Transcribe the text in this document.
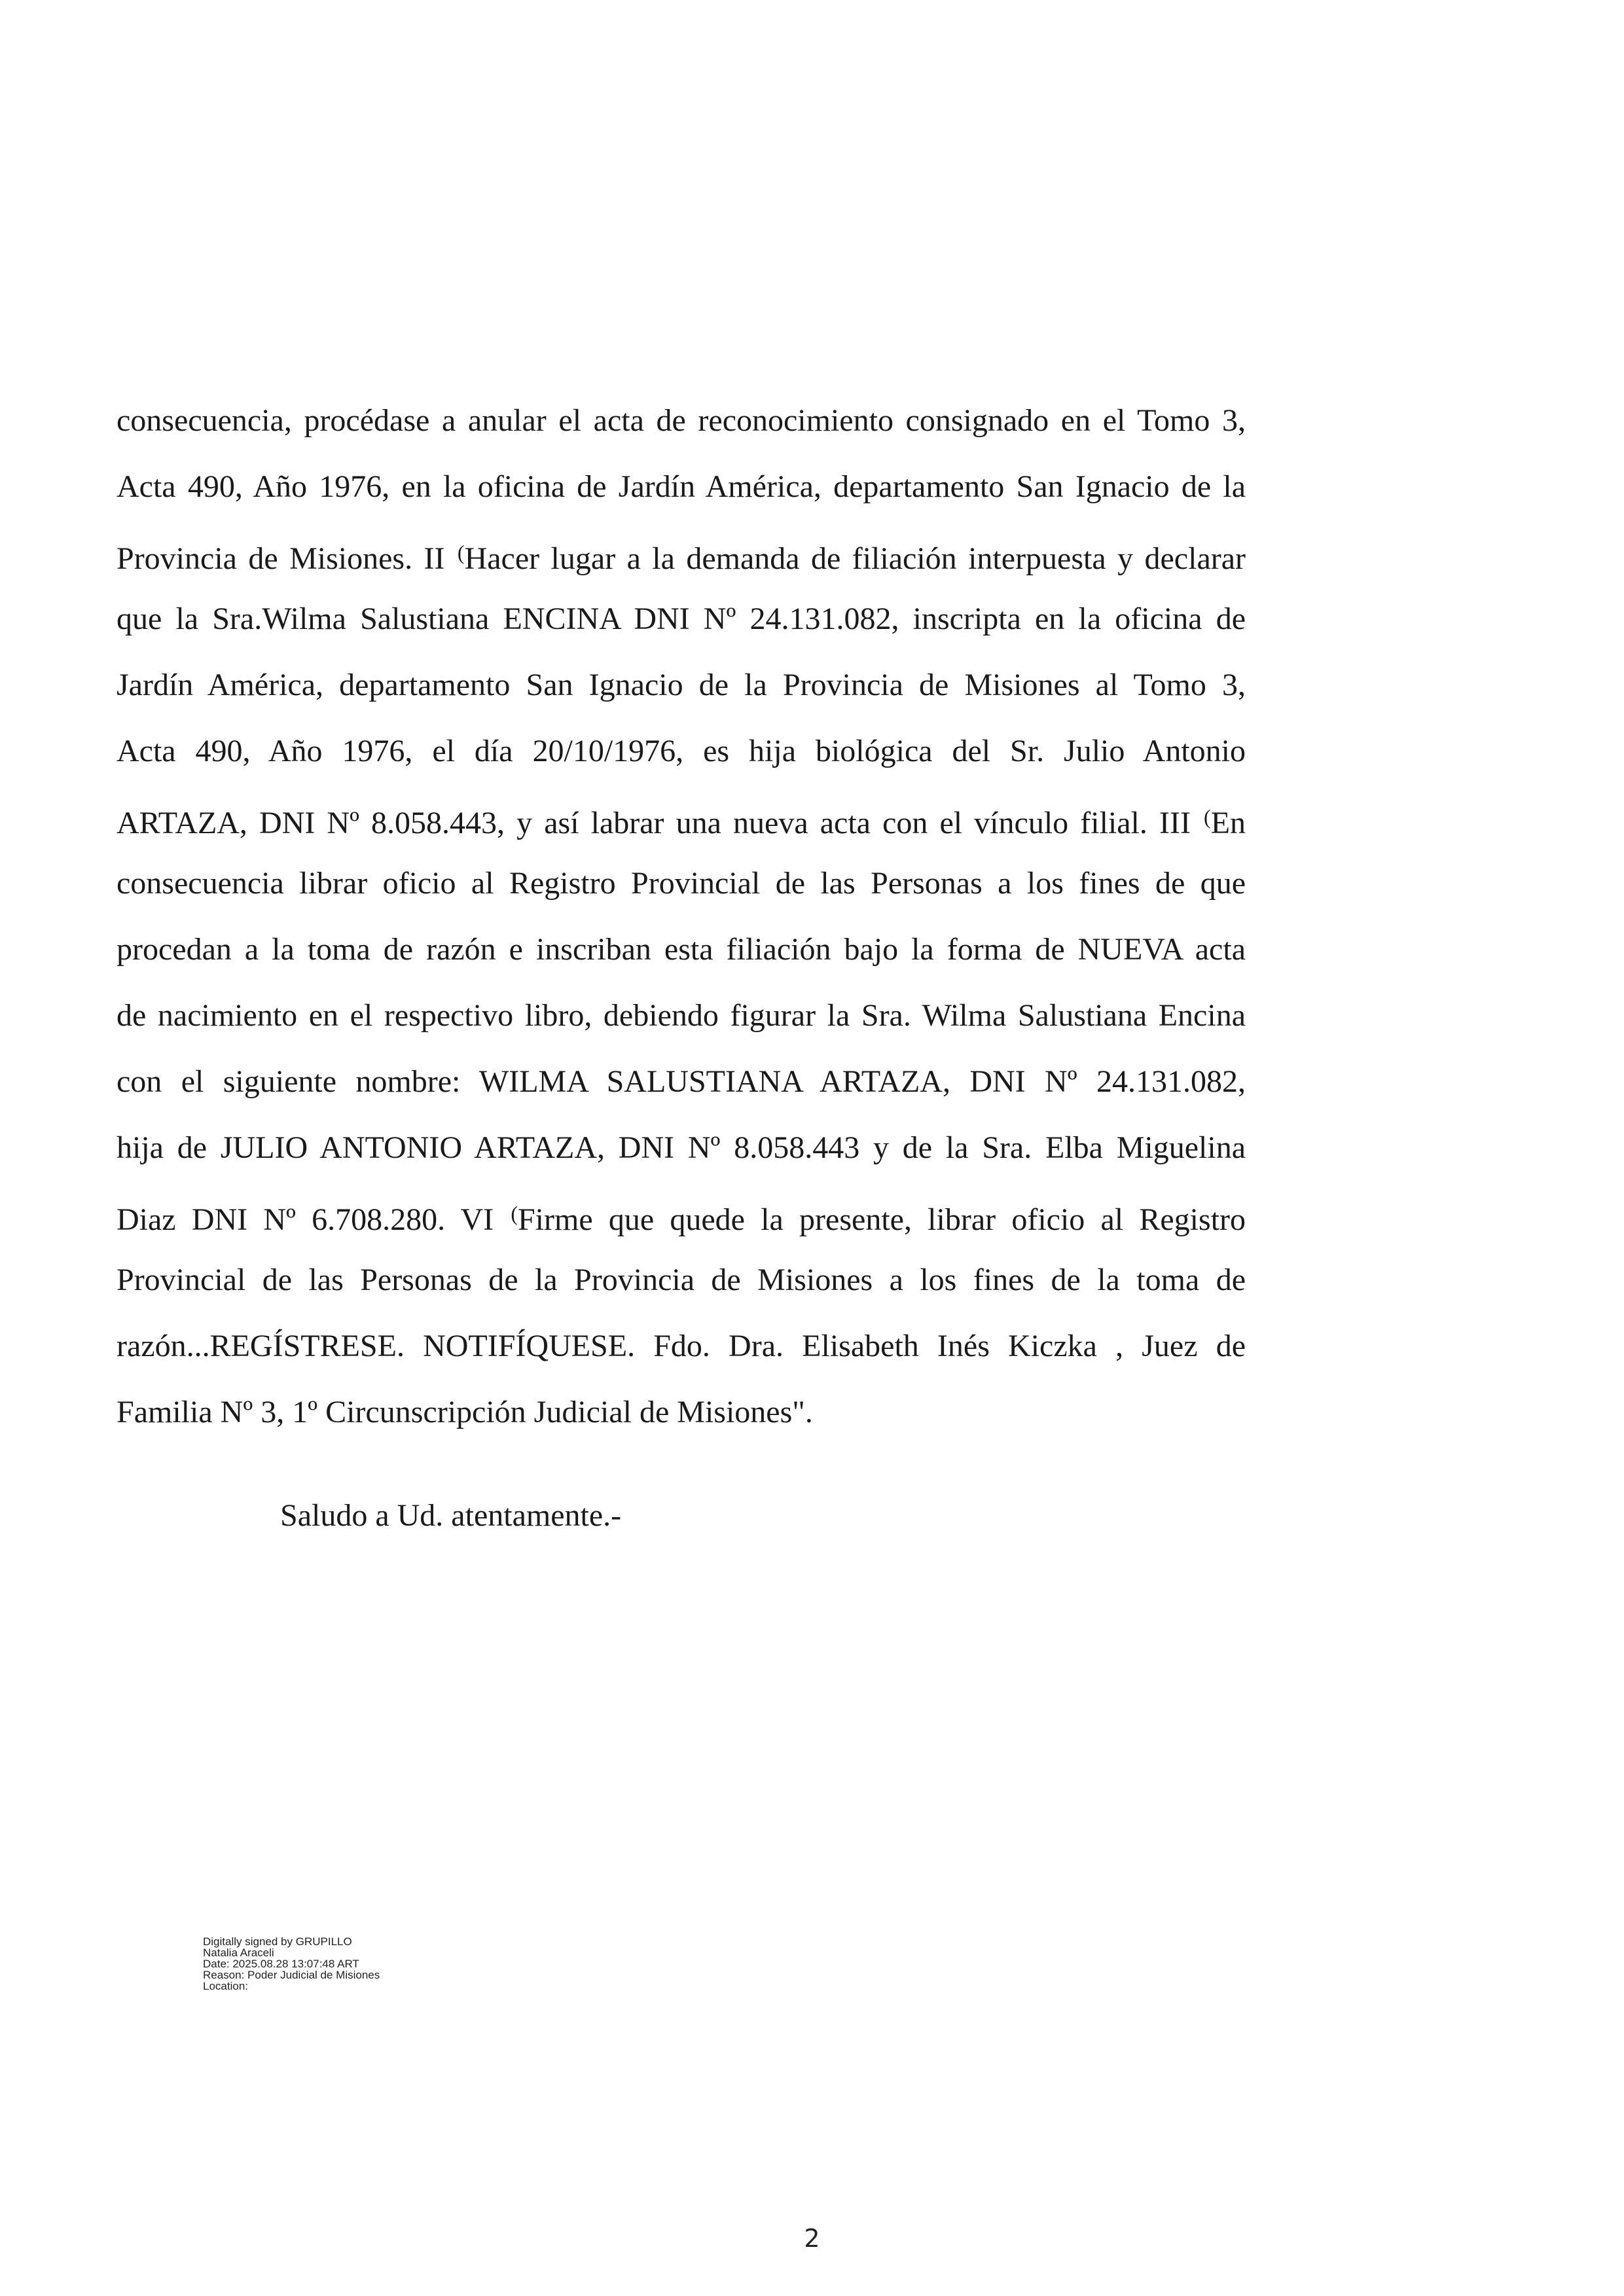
consecuencia, procédase a anular el acta de reconocimiento consignado en el Tomo 3,
Acta 490, Año 1976, en la oficina de Jardín América, departamento San Ignacio de la
Provincia de Misiones. II (Hacer lugar a la demanda de filiación interpuesta y declarar
que la Sra.Wilma Salustiana ENCINA DNI Nº 24.131.082, inscripta en la oficina de
Jardín América, departamento San Ignacio de la Provincia de Misiones al Tomo 3,
Acta 490, Año 1976, el día 20/10/1976, es hija biológica del Sr. Julio Antonio
ARTAZA, DNI Nº 8.058.443, y así labrar una nueva acta con el vínculo filial. III (En
consecuencia librar oficio al Registro Provincial de las Personas a los fines de que
procedan a la toma de razón e inscriban esta filiación bajo la forma de NUEVA acta
de nacimiento en el respectivo libro, debiendo figurar la Sra. Wilma Salustiana Encina
con el siguiente nombre: WILMA SALUSTIANA ARTAZA, DNI Nº 24.131.082,
hija de JULIO ANTONIO ARTAZA, DNI Nº 8.058.443 y de la Sra. Elba Miguelina
Diaz DNI Nº 6.708.280. VI (Firme que quede la presente, librar oficio al Registro
Provincial de las Personas de la Provincia de Misiones a los fines de la toma de
razón...REGÍSTRESE. NOTIFÍQUESE. Fdo. Dra. Elisabeth Inés Kiczka , Juez de
Familia Nº 3, 1º Circunscripción Judicial de Misiones".
Saludo a Ud. atentamente.-
Digitally signed by GRUPILLO
Natalia Araceli
Date: 2025.08.28 13:07:48 ART
Reason: Poder Judicial de Misiones
Location:
2
